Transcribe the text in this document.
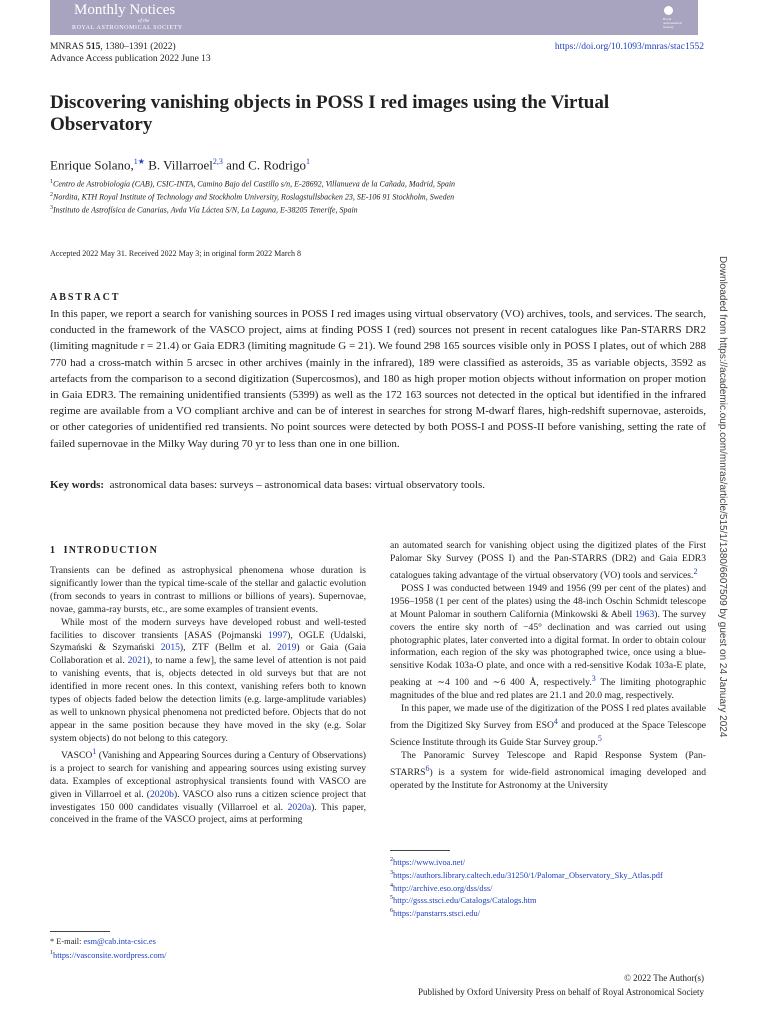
Monthly Notices
of the
ROYAL ASTRONOMICAL SOCIETY
Royal
Astronomical
Society
MNRAS 515, 1380–1391 (2022)
Advance Access publication 2022 June 13
https://doi.org/10.1093/mnras/stac1552
Discovering vanishing objects in POSS I red images using the Virtual Observatory
Enrique Solano,$^{1★}$ B. Villarroel$^{2,3}$ and C. Rodrigo$^1$
$^1$Centro de Astrobiología (CAB), CSIC-INTA, Camino Bajo del Castillo s/n, E-28692, Villanueva de la Cañada, Madrid, Spain
$^2$Nordita, KTH Royal Institute of Technology and Stockholm University, Roslagstullsbacken 23, SE-106 91 Stockholm, Sweden
$^3$Instituto de Astrofísica de Canarias, Avda Vía Láctea S/N, La Laguna, E-38205 Tenerife, Spain
Accepted 2022 May 31. Received 2022 May 3; in original form 2022 March 8
ABSTRACT

In this paper, we report a search for vanishing sources in POSS I red images using virtual observatory (VO) archives, tools, and services. The search, conducted in the framework of the VASCO project, aims at finding POSS I (red) sources not present in recent catalogues like Pan-STARRS DR2 (limiting magnitude r = 21.4) or Gaia EDR3 (limiting magnitude G = 21). We found 298 165 sources visible only in POSS I plates, out of which 288 770 had a cross-match within 5 arcsec in other archives (mainly in the infrared), 189 were classified as asteroids, 35 as variable objects, 3592 as artefacts from the comparison to a second digitization (Supercosmos), and 180 as high proper motion objects without information on proper motion in Gaia EDR3. The remaining unidentified transients (5399) as well as the 172 163 sources not detected in the optical but identified in the infrared regime are available from a VO compliant archive and can be of interest in searches for strong M-dwarf flares, high-redshift supernovae, asteroids, or other categories of unidentified red transients. No point sources were detected by both POSS-I and POSS-II before vanishing, setting the rate of failed supernovae in the Milky Way during 70 yr to less than one in one billion.

Key words: astronomical data bases: surveys – astronomical data bases: virtual observatory tools.
1 INTRODUCTION

Transients can be defined as astrophysical phenomena whose duration is significantly lower than the typical time-scale of the stellar and galactic evolution (from seconds to years in contrast to millions or billions of years). Supernovae, novae, gamma-ray bursts, etc., are some examples of transient events.

While most of the modern surveys have developed robust and well-tested facilities to discover transients [ASAS (Pojmanski 1997), OGLE (Udalski, Szymański & Szymański 2015), ZTF (Bellm et al. 2019) or Gaia (Gaia Collaboration et al. 2021), to name a few], the same level of attention is not paid to vanishing events, that is, objects detected in old surveys but that are not identified in more recent ones. In this context, vanishing refers both to known types of objects faded below the detection limits (e.g. large-amplitude variables) as well to unknown physical phenomena not predicted before. Objects that do not appear in the same position because they have moved in the sky (e.g. Solar system objects) do not belong to this category.

VASCO$^1$ (Vanishing and Appearing Sources during a Century of Observations) is a project to search for vanishing and appearing sources using existing survey data. Examples of exceptional astrophysical transients found with VASCO are given in Villarroel et al. (2020b). VASCO also runs a citizen science project that investigates 150 000 candidates visually (Villarroel et al. 2020a). This paper, conceived in the frame of the VASCO project, aims at performing

an automated search for vanishing object using the digitized plates of the First Palomar Sky Survey (POSS I) and the Pan-STARRS (DR2) and Gaia EDR3 catalogues taking advantage of the virtual observatory (VO) tools and services.$^2$

POSS I was conducted between 1949 and 1956 (99 per cent of the plates) and 1956–1958 (1 per cent of the plates) using the 48-inch Oschin Schmidt telescope at Mount Palomar in southern California (Minkowski & Abell 1963). The survey covers the entire sky north of −45° declination and was carried out using photographic plates, later converted into a digital format. In order to obtain colour information, each region of the sky was photographed twice, once using a blue-sensitive Kodak 103a-O plate, and once with a red-sensitive Kodak 103a-E plate, peaking at ∼4 100 and ∼6 400 Å, respectively.$^3$ The limiting photographic magnitudes of the blue and red plates are 21.1 and 20.0 mag, respectively.

In this paper, we made use of the digitization of the POSS I red plates available from the Digitized Sky Survey from ESO$^4$ and produced at the Space Telescope Science Institute through its Guide Star Survey group.$^5$

The Panoramic Survey Telescope and Rapid Response System (Pan-STARRS$^6$) is a system for wide-field astronomical imaging developed and operated by the Institute for Astronomy at the University

* E-mail: esm@cab.inta-csic.es
$^1$https://vasconsite.wordpress.com/
$^2$https://www.ivoa.net/
$^3$https://authors.library.caltech.edu/31250/1/Palomar_Observatory_Sky_Atlas.pdf
$^4$http://archive.eso.org/dss/dss/
$^5$http://gsss.stsci.edu/Catalogs/Catalogs.htm
$^6$https://panstarrs.stsci.edu/
Downloaded from https://academic.oup.com/mnras/article/515/1/1380/6607509 by guest on 24 January 2024
© 2022 The Author(s)
Published by Oxford University Press on behalf of Royal Astronomical Society
